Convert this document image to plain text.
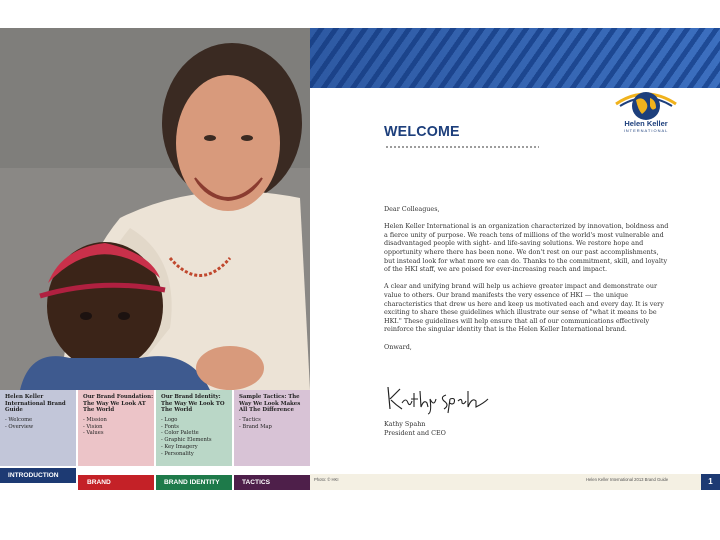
Helen Keller
INTERNATIONAL
WELCOME

Dear Colleagues,

Helen Keller International is an organization characterized by innovation, boldness and a fierce unity of purpose. We reach tens of millions of the world's most vulnerable and disadvantaged people with sight- and life-saving solutions. We restore hope and opportunity where there has been none. We don't rest on our past accomplishments, but instead look for what more we can do. Thanks to the commitment, skill, and loyalty of the HKI staff, we are poised for ever-increasing reach and impact.

A clear and unifying brand will help us achieve greater impact and demonstrate our value to others. Our brand manifests the very essence of HKI — the unique characteristics that drew us here and keep us motivated each and every day. It is very exciting to share these guidelines which illustrate our sense of "what it means to be HKI." These guidelines will help ensure that all of our communications effectively reinforce the singular identity that is the Helen Keller International brand.

Onward,

Kathy Spahn
President and CEO

Helen Keller International Brand Guide

- Welcome
- Overview

Our Brand Foundation: The Way We Look AT The World

- Mission
- Vision
- Values

Our Brand Identity: The Way We Look TO The World

- Logo
- Fonts
- Color Palette
- Graphic Elements
- Key Imagery
- Personality

Sample Tactics: The Way We Look Makes All The Difference

- Tactics
- Brand Map
INTRODUCTION
BRAND FOUNDATION
BRAND IDENTITY	TACTICS	Photo: © HKI	Helen Keller International 2013 Brand Guide	1
